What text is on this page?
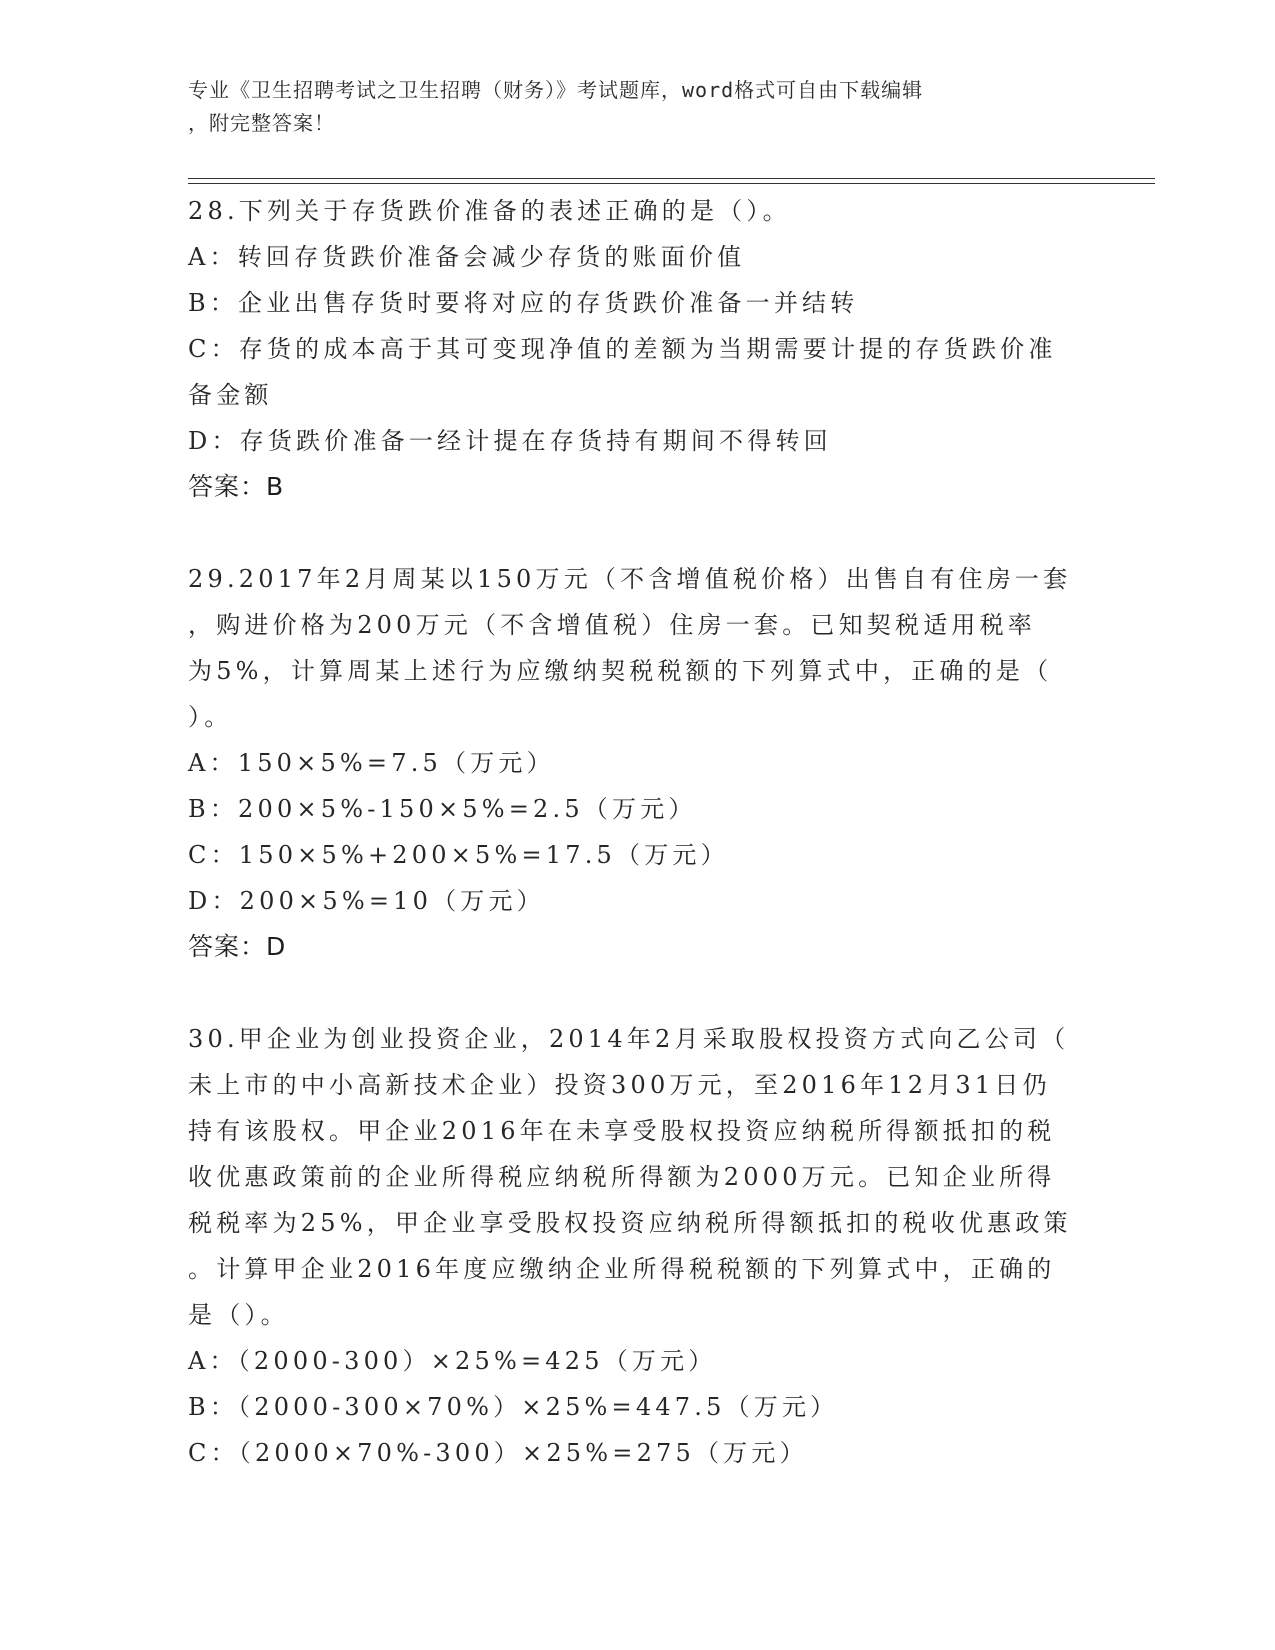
专业《卫生招聘考试之卫生招聘（财务）》考试题库，word格式可自由下载编辑
，附完整答案！
28.下列关于存货跌价准备的表述正确的是（）。
A：转回存货跌价准备会减少存货的账面价值
B：企业出售存货时要将对应的存货跌价准备一并结转
C：存货的成本高于其可变现净值的差额为当期需要计提的存货跌价准
备金额
D：存货跌价准备一经计提在存货持有期间不得转回
答案：B
29.2017年2月周某以150万元（不含增值税价格）出售自有住房一套
，购进价格为200万元（不含增值税）住房一套。已知契税适用税率
为5%，计算周某上述行为应缴纳契税税额的下列算式中，正确的是（
）。
A：150×5%=7.5（万元）
B：200×5%-150×5%=2.5（万元）
C：150×5%+200×5%=17.5（万元）
D：200×5%=10（万元）
答案：D
30.甲企业为创业投资企业，2014年2月采取股权投资方式向乙公司（
未上市的中小高新技术企业）投资300万元，至2016年12月31日仍
持有该股权。甲企业2016年在未享受股权投资应纳税所得额抵扣的税
收优惠政策前的企业所得税应纳税所得额为2000万元。已知企业所得
税税率为25%，甲企业享受股权投资应纳税所得额抵扣的税收优惠政策
。计算甲企业2016年度应缴纳企业所得税税额的下列算式中，正确的
是（）。
A：（2000-300）×25%=425（万元）
B：（2000-300×70%）×25%=447.5（万元）
C：（2000×70%-300）×25%=275（万元）
